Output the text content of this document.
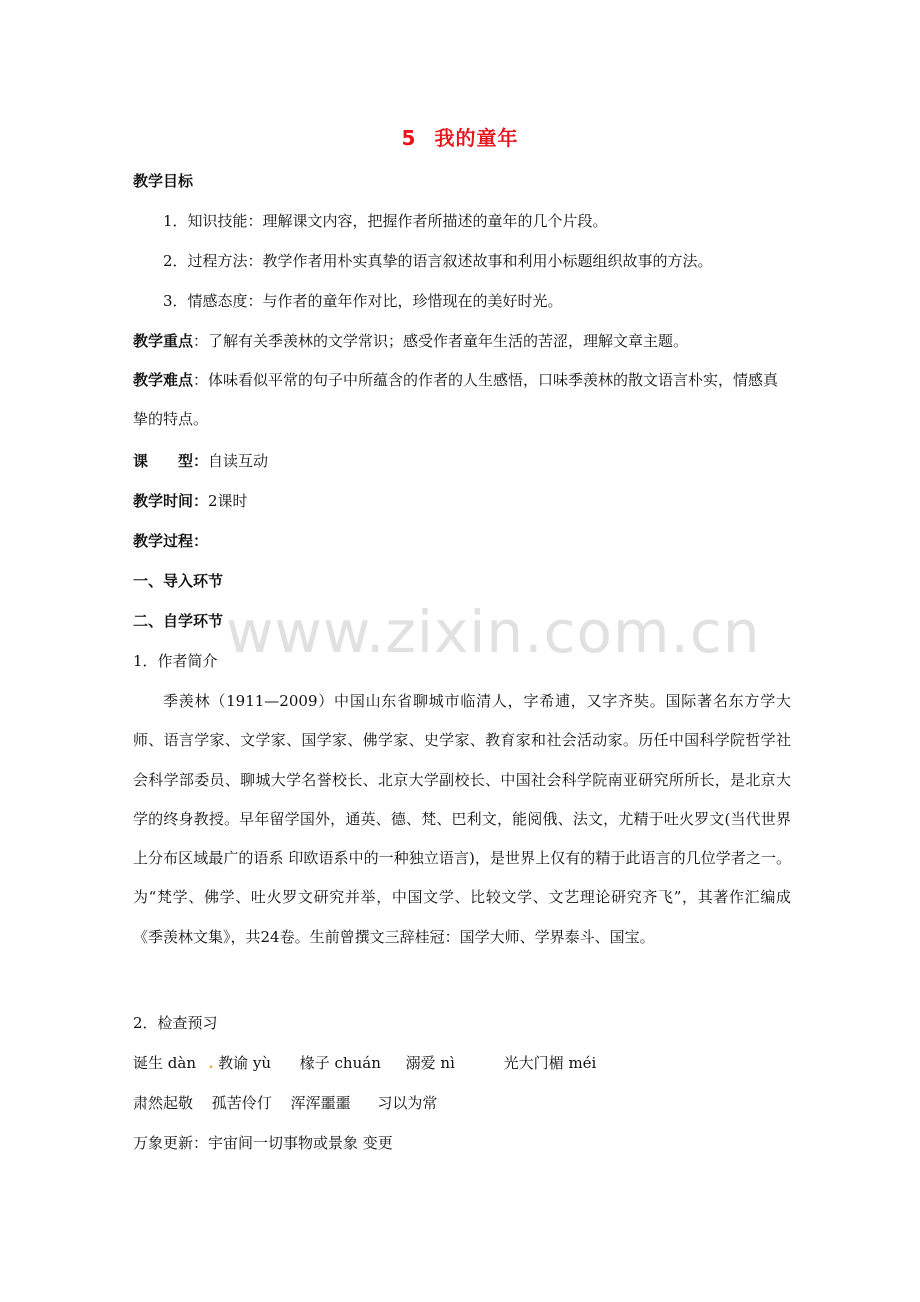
www.zixin.com.cn
5 我的童年
教学目标
1．知识技能：理解课文内容，把握作者所描述的童年的几个片段。
2．过程方法：教学作者用朴实真挚的语言叙述故事和利用小标题组织故事的方法。
3．情感态度：与作者的童年作对比，珍惜现在的美好时光。
教学重点：了解有关季羡林的文学常识；感受作者童年生活的苦涩，理解文章主题。
教学难点：体味看似平常的句子中所蕴含的作者的人生感悟，口味季羡林的散文语言朴实，情感真挚的特点。
课　　型：自读互动
教学时间：2课时
教学过程：
一、导入环节
二、自学环节
1．作者简介
季羡林（1911—2009）中国山东省聊城市临清人，字希逋，又字齐奘。国际著名东方学大师、语言学家、文学家、国学家、佛学家、史学家、教育家和社会活动家。历任中国科学院哲学社会科学部委员、聊城大学名誉校长、北京大学副校长、中国社会科学院南亚研究所所长，是北京大学的终身教授。早年留学国外，通英、德、梵、巴利文，能阅俄、法文，尤精于吐火罗文(当代世界上分布区域最广的语系 印欧语系中的一种独立语言)，是世界上仅有的精于此语言的几位学者之一。为“梵学、佛学、吐火罗文研究并举，中国文学、比较文学、文艺理论研究齐飞”，其著作汇编成《季羡林文集》，共24卷。生前曾撰文三辞桂冠：国学大师、学界泰斗、国宝。
2．检查预习
诞生 dàn . 教谕 yù 椽子 chuán 溺爱 nì	光大门楣 méi
肃然起敬 孤苦伶仃 浑浑噩噩 习以为常
万象更新：宇宙间一切事物或景象 变更
